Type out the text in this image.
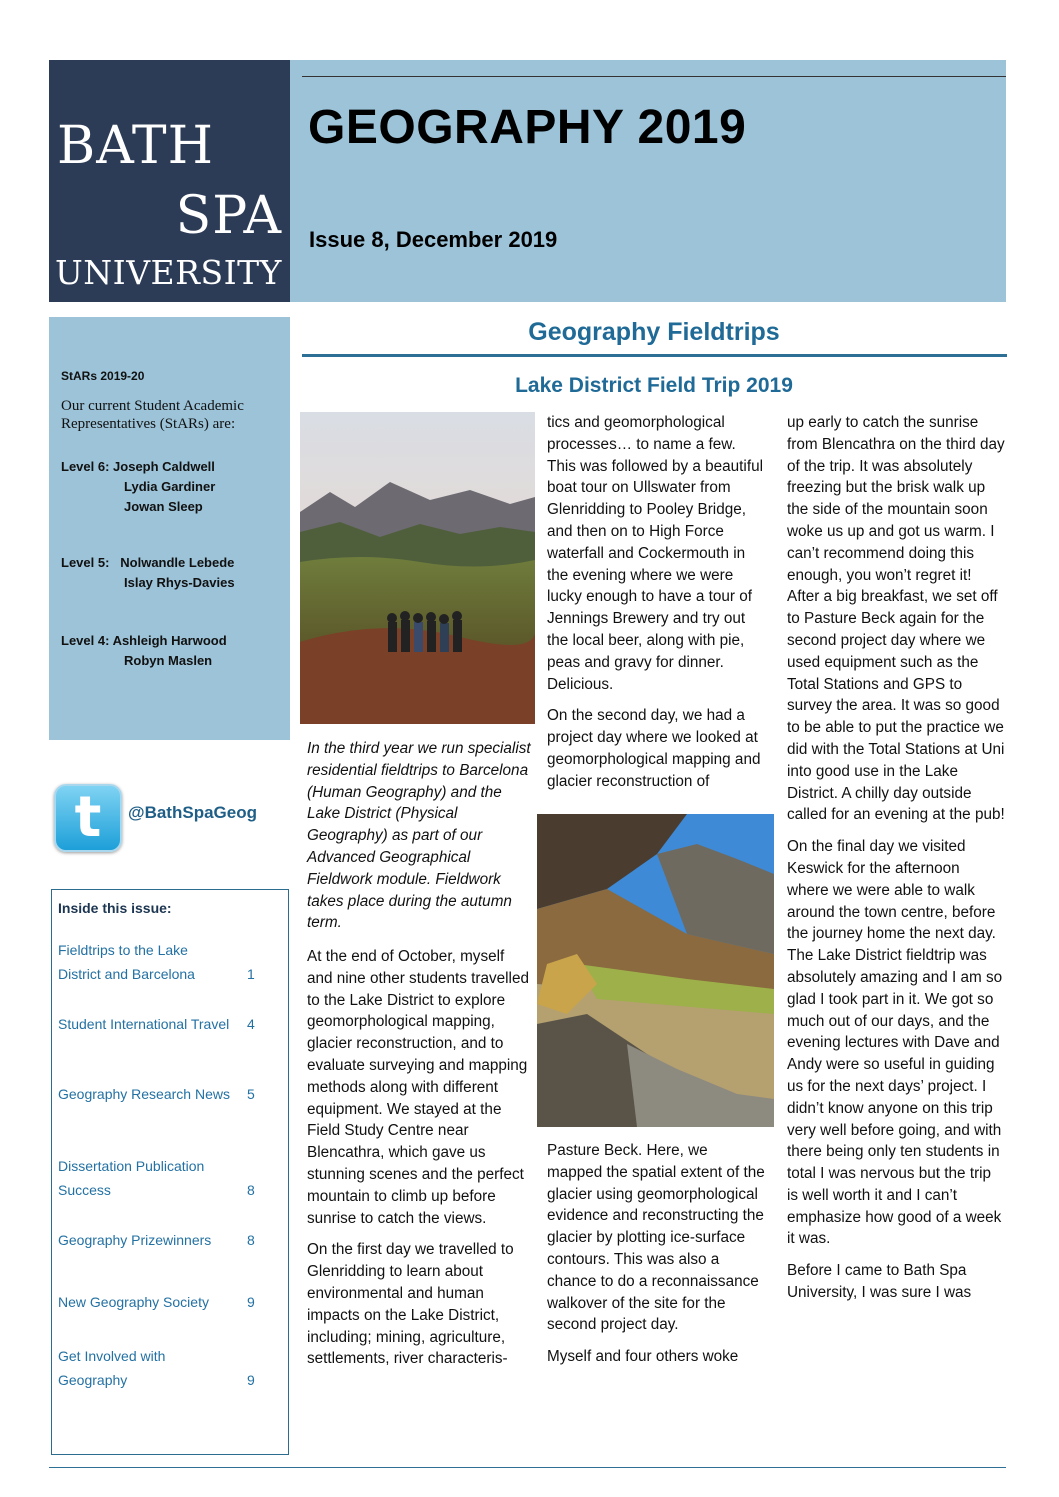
BATH
SPA
UNIVERSITY
GEOGRAPHY 2019
Issue 8, December 2019
StARs 2019-20
Our current Student Academic Representatives (StARs) are:
Level 6: Joseph Caldwell
Lydia Gardiner
Jowan Sleep
Level 5: Nolwandle Lebede
Islay Rhys-Davies
Level 4: Ashleigh Harwood
Robyn Maslen
t	@BathSpaGeog
Inside this issue:
Fieldtrips to the Lake District and Barcelona	1
Student International Travel 4
Geography Research News 5
Dissertation Publication Success	8
Geography Prizewinners	8
New Geography Society	9
Get Involved with Geography	9
Geography Fieldtrips
Lake District Field Trip 2019
In the third year we run specialist residential fieldtrips to Barcelona (Human Geography) and the Lake District (Physical Geography) as part of our Advanced Geographical Fieldwork module. Fieldwork takes place during the autumn term.

At the end of October, myself and nine other students travelled to the Lake District to explore geomorphological mapping, glacier reconstruction, and to evaluate surveying and mapping methods along with different equipment. We stayed at the Field Study Centre near Blencathra, which gave us stunning scenes and the perfect mountain to climb up before sunrise to catch the views.

On the first day we travelled to Glenridding to learn about environmental and human impacts on the Lake District, including; mining, agriculture, settlements, river characteris-

tics and geomorphological processes… to name a few. This was followed by a beautiful boat tour on Ullswater from Glenridding to Pooley Bridge, and then on to High Force waterfall and Cockermouth in the evening where we were lucky enough to have a tour of Jennings Brewery and try out the local beer, along with pie, peas and gravy for dinner. Delicious.

On the second day, we had a project day where we looked at geomorphological mapping and glacier reconstruction of

Pasture Beck. Here, we mapped the spatial extent of the glacier using geomorphological evidence and reconstructing the glacier by plotting ice-surface contours. This was also a chance to do a reconnaissance walkover of the site for the second project day.

Myself and four others woke

up early to catch the sunrise from Blencathra on the third day of the trip. It was absolutely freezing but the brisk walk up the side of the mountain soon woke us up and got us warm. I can’t recommend doing this enough, you won’t regret it! After a big breakfast, we set off to Pasture Beck again for the second project day where we used equipment such as the Total Stations and GPS to survey the area. It was so good to be able to put the practice we did with the Total Stations at Uni into good use in the Lake District. A chilly day outside called for an evening at the pub!

On the final day we visited Keswick for the afternoon where we were able to walk around the town centre, before the journey home the next day. The Lake District fieldtrip was absolutely amazing and I am so glad I took part in it. We got so much out of our days, and the evening lectures with Dave and Andy were so useful in guiding us for the next days’ project. I didn’t know anyone on this trip very well before going, and with there being only ten students in total I was nervous but the trip is well worth it and I can’t emphasize how good of a week it was.

Before I came to Bath Spa University, I was sure I was
